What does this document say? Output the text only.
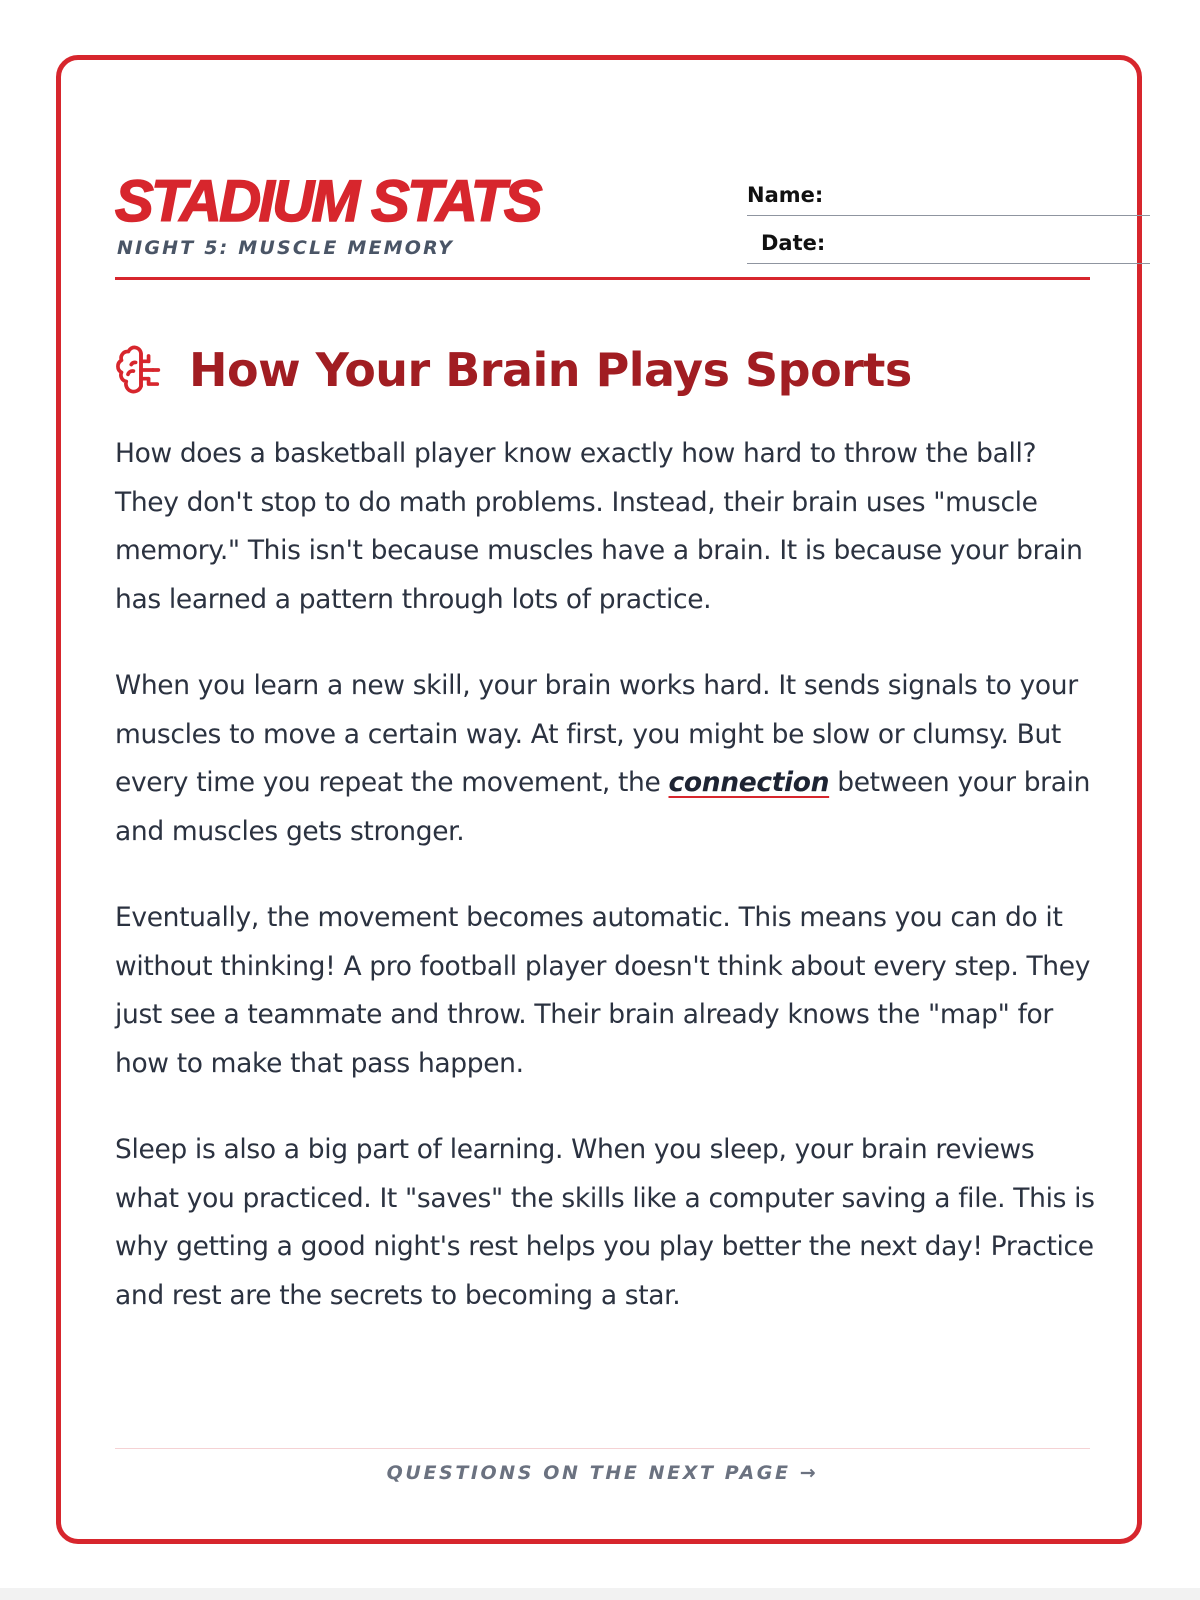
STADIUM STATS
NIGHT 5: MUSCLE MEMORY
Name:
Date:
How Your Brain Plays Sports

How does a basketball player know exactly how hard to throw the ball? They don't stop to do math problems. Instead, their brain uses "muscle memory." This isn't because muscles have a brain. It is because your brain has learned a pattern through lots of practice.

When you learn a new skill, your brain works hard. It sends signals to your muscles to move a certain way. At first, you might be slow or clumsy. But every time you repeat the movement, the connection between your brain and muscles gets stronger.

Eventually, the movement becomes automatic. This means you can do it without thinking! A pro football player doesn't think about every step. They just see a teammate and throw. Their brain already knows the "map" for how to make that pass happen.

Sleep is also a big part of learning. When you sleep, your brain reviews what you practiced. It "saves" the skills like a computer saving a file. This is why getting a good night's rest helps you play better the next day! Practice and rest are the secrets to becoming a star.

QUESTIONS ON THE NEXT PAGE →
